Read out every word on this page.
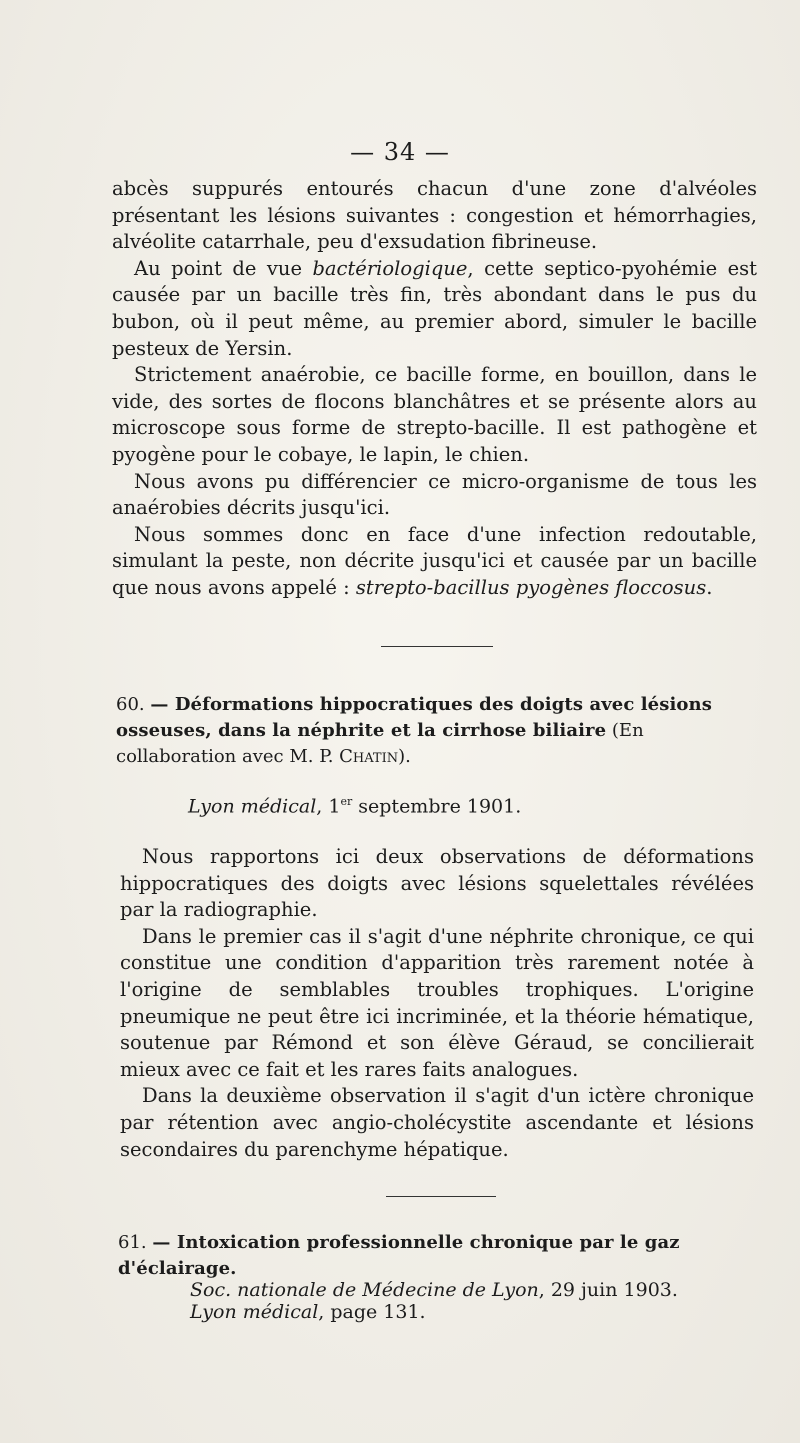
— 34 —

abcès suppurés entourés chacun d'une zone d'alvéoles présentant les lésions suivantes : congestion et hémorrhagies, alvéolite catarrhale, peu d'exsudation fibrineuse.

Au point de vue bactériologique, cette septico-pyohémie est causée par un bacille très fin, très abondant dans le pus du bubon, où il peut même, au premier abord, simuler le bacille pesteux de Yersin.

Strictement anaérobie, ce bacille forme, en bouillon, dans le vide, des sortes de flocons blanchâtres et se présente alors au microscope sous forme de strepto-bacille. Il est pathogène et pyogène pour le cobaye, le lapin, le chien.

Nous avons pu différencier ce micro-organisme de tous les anaérobies décrits jusqu'ici.

Nous sommes donc en face d'une infection redoutable, simulant la peste, non décrite jusqu'ici et causée par un bacille que nous avons appelé : strepto-bacillus pyogènes floccosus.

60. — Déformations hippocratiques des doigts avec lésions osseuses, dans la néphrite et la cirrhose biliaire (En collaboration avec M. P. Chatin).
Lyon médical, 1er septembre 1901.

Nous rapportons ici deux observations de déformations hippocratiques des doigts avec lésions squelettales révélées par la radiographie.

Dans le premier cas il s'agit d'une néphrite chronique, ce qui constitue une condition d'apparition très rarement notée à l'origine de semblables troubles trophiques. L'origine pneumique ne peut être ici incriminée, et la théorie hématique, soutenue par Rémond et son élève Géraud, se concilierait mieux avec ce fait et les rares faits analogues.

Dans la deuxième observation il s'agit d'un ictère chronique par rétention avec angio-cholécystite ascendante et lésions secondaires du parenchyme hépatique.

61. — Intoxication professionnelle chronique par le gaz d'éclairage.
Soc. nationale de Médecine de Lyon, 29 juin 1903.
Lyon médical, page 131.
